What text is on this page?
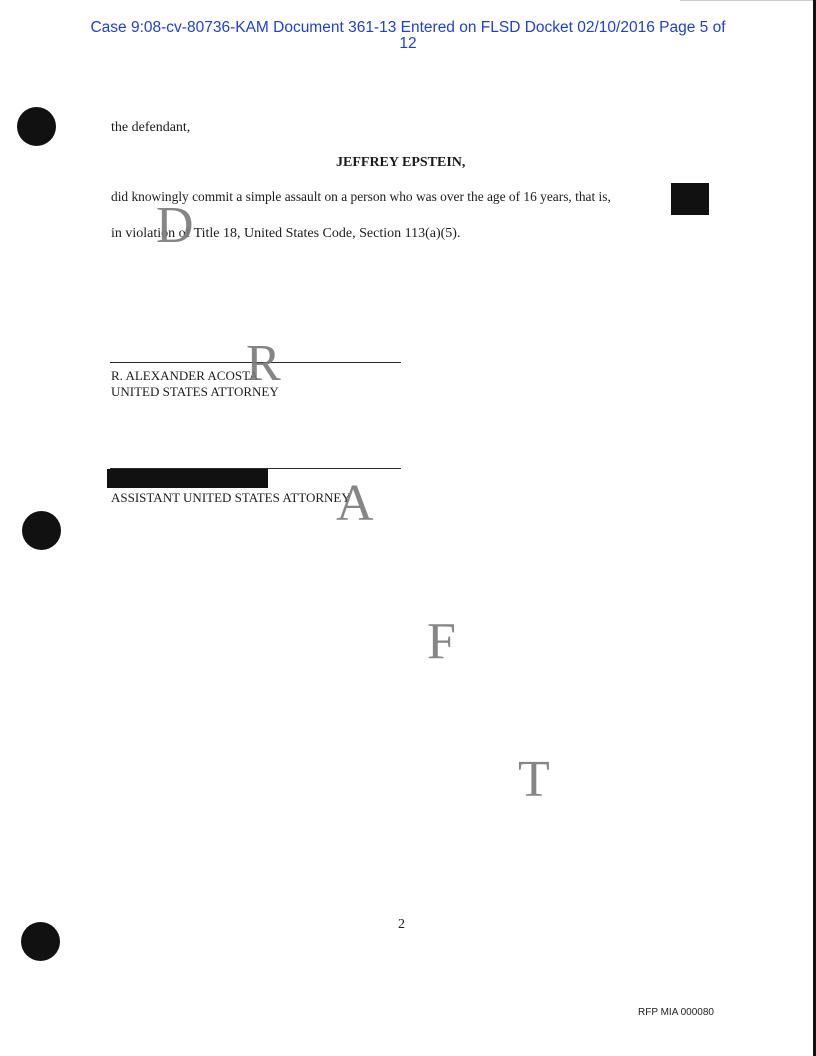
Case 9:08-cv-80736-KAM Document 361-13 Entered on FLSD Docket 02/10/2016 Page 5 of
12
the defendant,
JEFFREY EPSTEIN,
did knowingly commit a simple assault on a person who was over the age of 16 years, that is,
in violation of Title 18, United States Code, Section 113(a)(5).
R. ALEXANDER ACOSTA
UNITED STATES ATTORNEY
ASSISTANT UNITED STATES ATTORNEY
D
R
A
F
T
2
RFP MIA 000080
